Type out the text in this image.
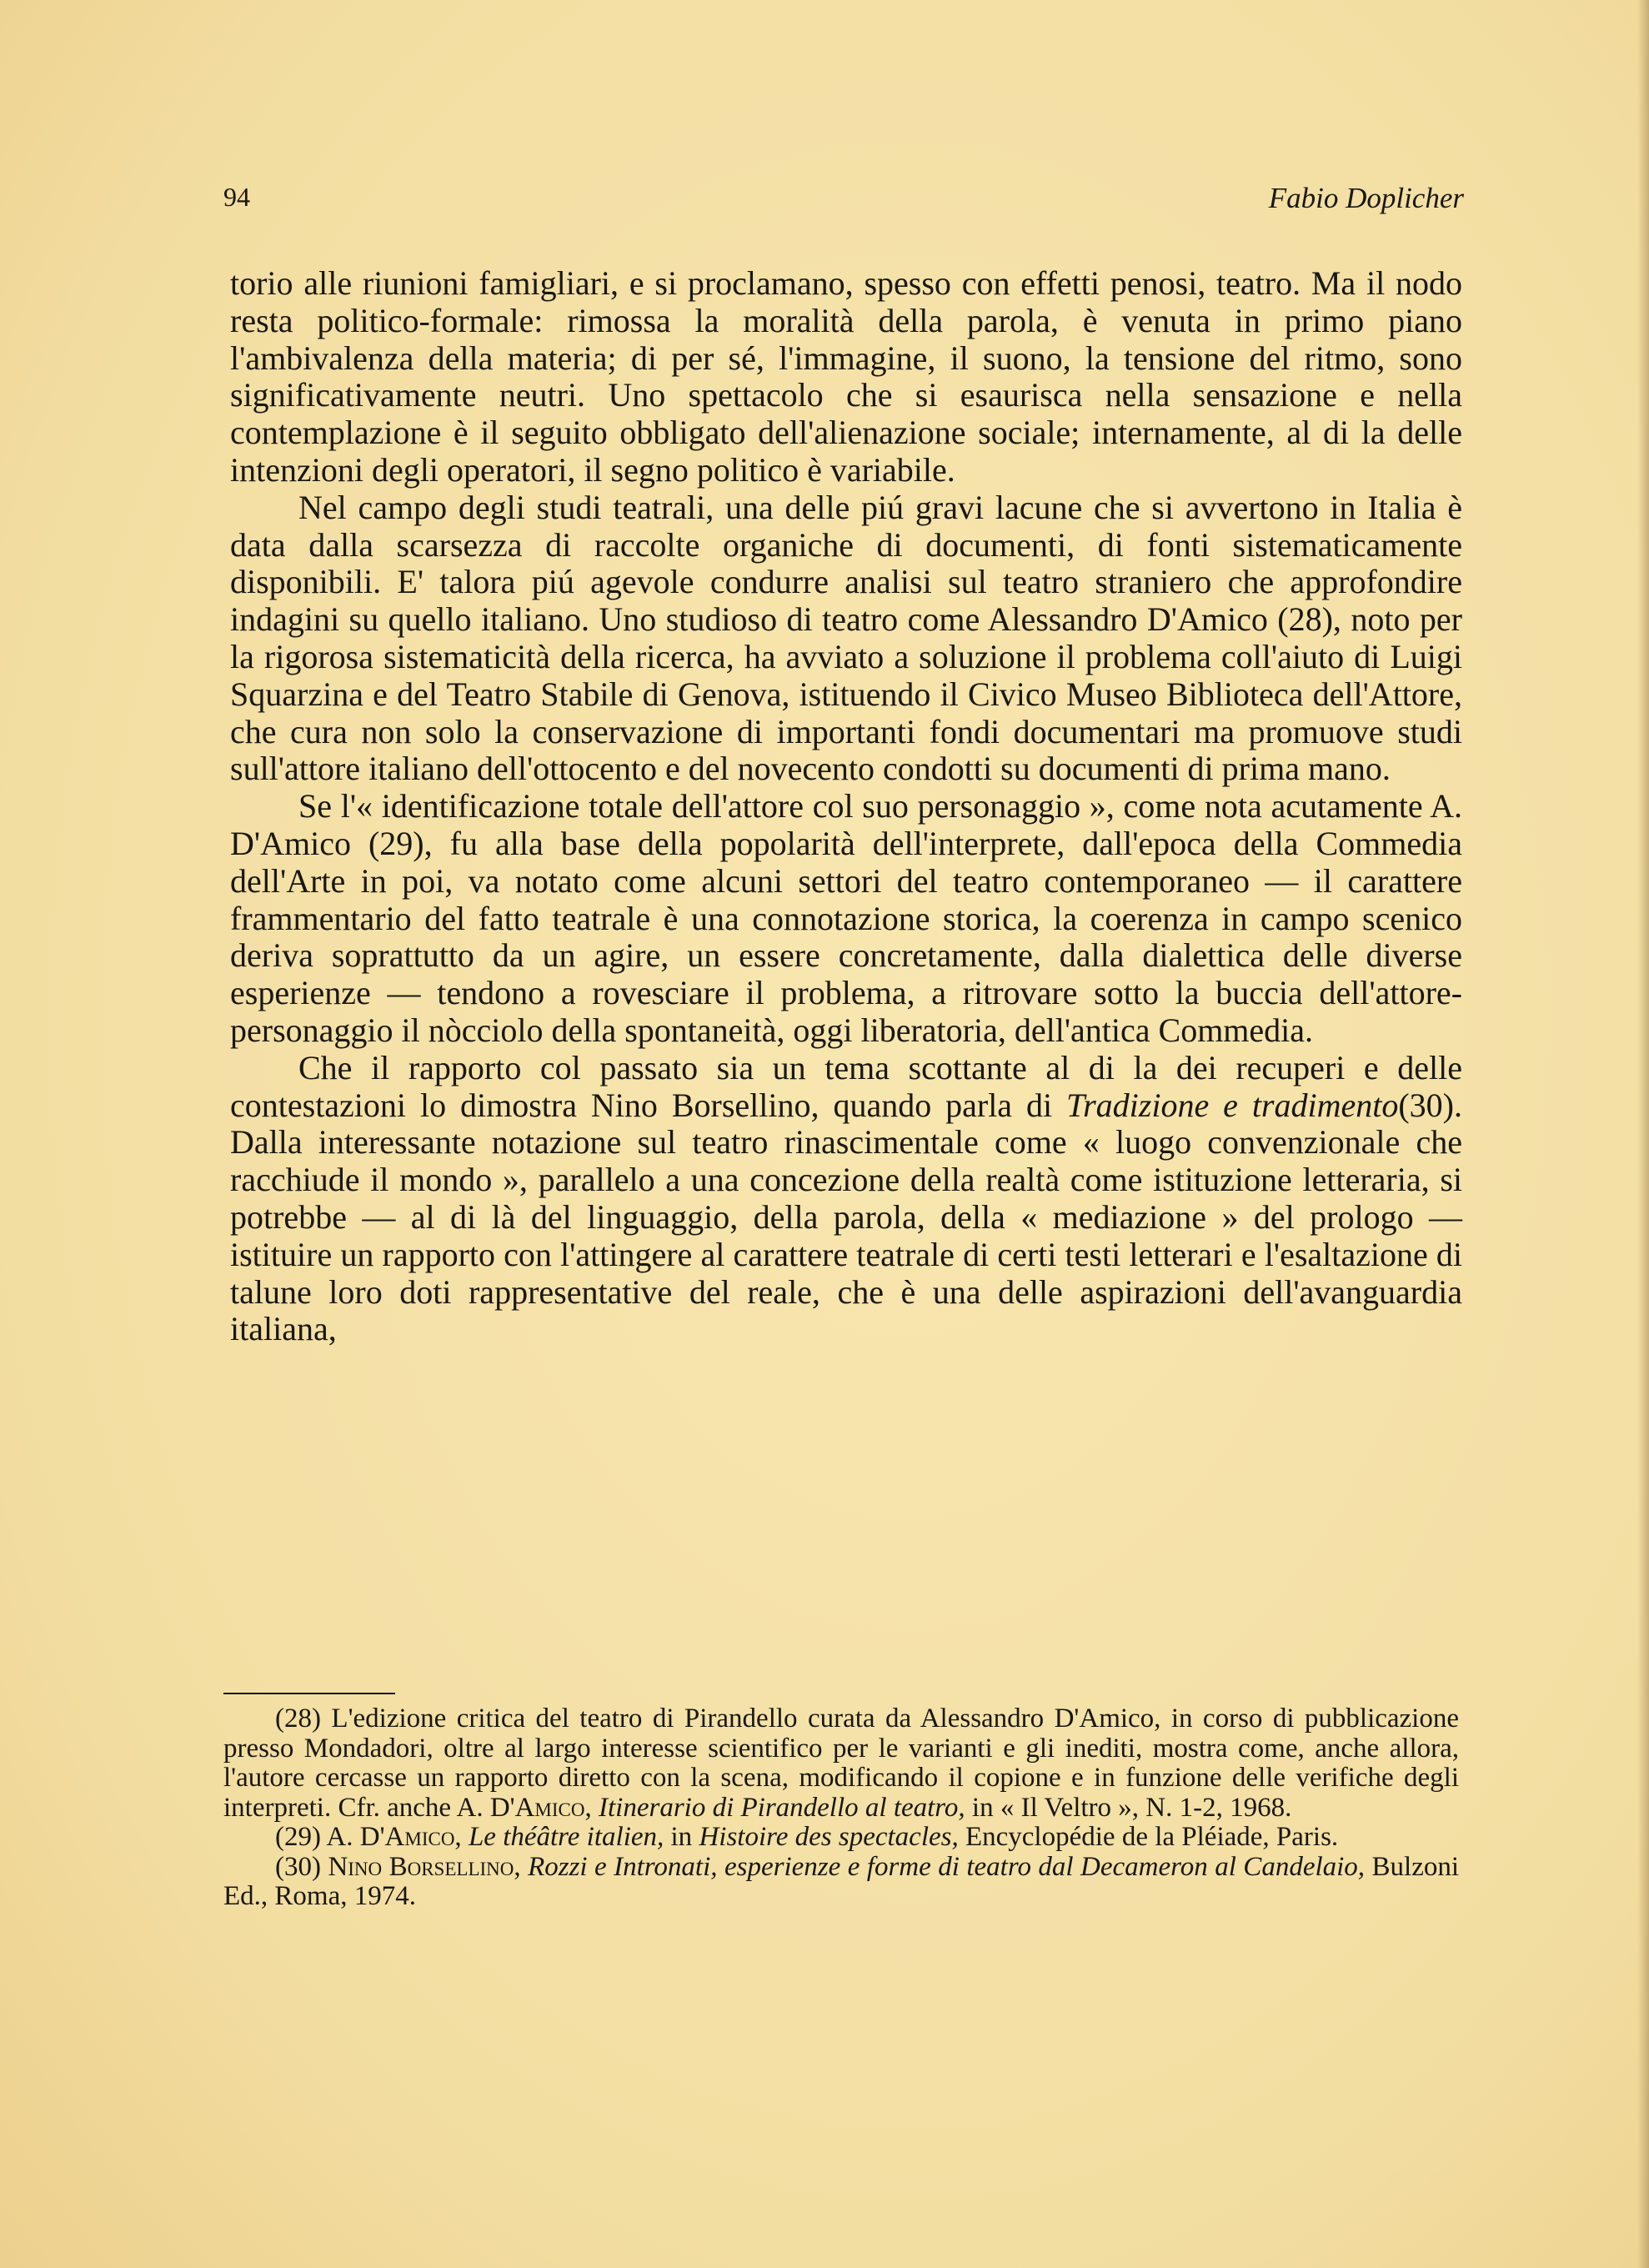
94	Fabio Doplicher

torio alle riunioni famigliari, e si proclamano, spesso con effetti penosi, teatro. Ma il nodo resta politico-formale: rimossa la moralità della parola, è venuta in primo piano l'ambivalenza della materia; di per sé, l'immagine, il suono, la tensione del ritmo, sono significativamente neutri. Uno spettacolo che si esaurisca nella sensazione e nella contemplazione è il seguito obbligato dell'alienazione sociale; internamente, al di la delle intenzioni degli operatori, il segno politico è variabile.

Nel campo degli studi teatrali, una delle piú gravi lacune che si avvertono in Italia è data dalla scarsezza di raccolte organiche di documenti, di fonti sistematicamente disponibili. E' talora piú agevole condurre analisi sul teatro straniero che approfondire indagini su quello italiano. Uno studioso di teatro come Alessandro D'Amico (28), noto per la rigorosa sistematicità della ricerca, ha avviato a soluzione il problema coll'aiuto di Luigi Squarzina e del Teatro Stabile di Genova, istituendo il Civico Museo Biblioteca dell'Attore, che cura non solo la conservazione di importanti fondi documentari ma promuove studi sull'attore italiano dell'ottocento e del novecento condotti su documenti di prima mano.

Se l'« identificazione totale dell'attore col suo personaggio », come nota acutamente A. D'Amico (29), fu alla base della popolarità dell'interprete, dall'epoca della Commedia dell'Arte in poi, va notato come alcuni settori del teatro contemporaneo — il carattere frammentario del fatto teatrale è una connotazione storica, la coerenza in campo scenico deriva soprattutto da un agire, un essere concretamente, dalla dialettica delle diverse esperienze — tendono a rovesciare il problema, a ritrovare sotto la buccia dell'attore-personaggio il nòcciolo della spontaneità, oggi liberatoria, dell'antica Commedia.

Che il rapporto col passato sia un tema scottante al di la dei recuperi e delle contestazioni lo dimostra Nino Borsellino, quando parla di Tradizione e tradimento(30). Dalla interessante notazione sul teatro rinascimentale come « luogo convenzionale che racchiude il mondo », parallelo a una concezione della realtà come istituzione letteraria, si potrebbe — al di là del linguaggio, della parola, della « mediazione » del prologo — istituire un rapporto con l'attingere al carattere teatrale di certi testi letterari e l'esaltazione di talune loro doti rappresentative del reale, che è una delle aspirazioni dell'avanguardia italiana,

(28) L'edizione critica del teatro di Pirandello curata da Alessandro D'Amico, in corso di pubblicazione presso Mondadori, oltre al largo interesse scientifico per le varianti e gli inediti, mostra come, anche allora, l'autore cercasse un rapporto diretto con la scena, modificando il copione e in funzione delle verifiche degli interpreti. Cfr. anche A. D'Amico, Itinerario di Pirandello al teatro, in « Il Veltro », N. 1-2, 1968.

(29) A. D'Amico, Le théâtre italien, in Histoire des spectacles, Encyclopédie de la Pléiade, Paris.

(30) Nino Borsellino, Rozzi e Intronati, esperienze e forme di teatro dal Decameron al Candelaio, Bulzoni Ed., Roma, 1974.
